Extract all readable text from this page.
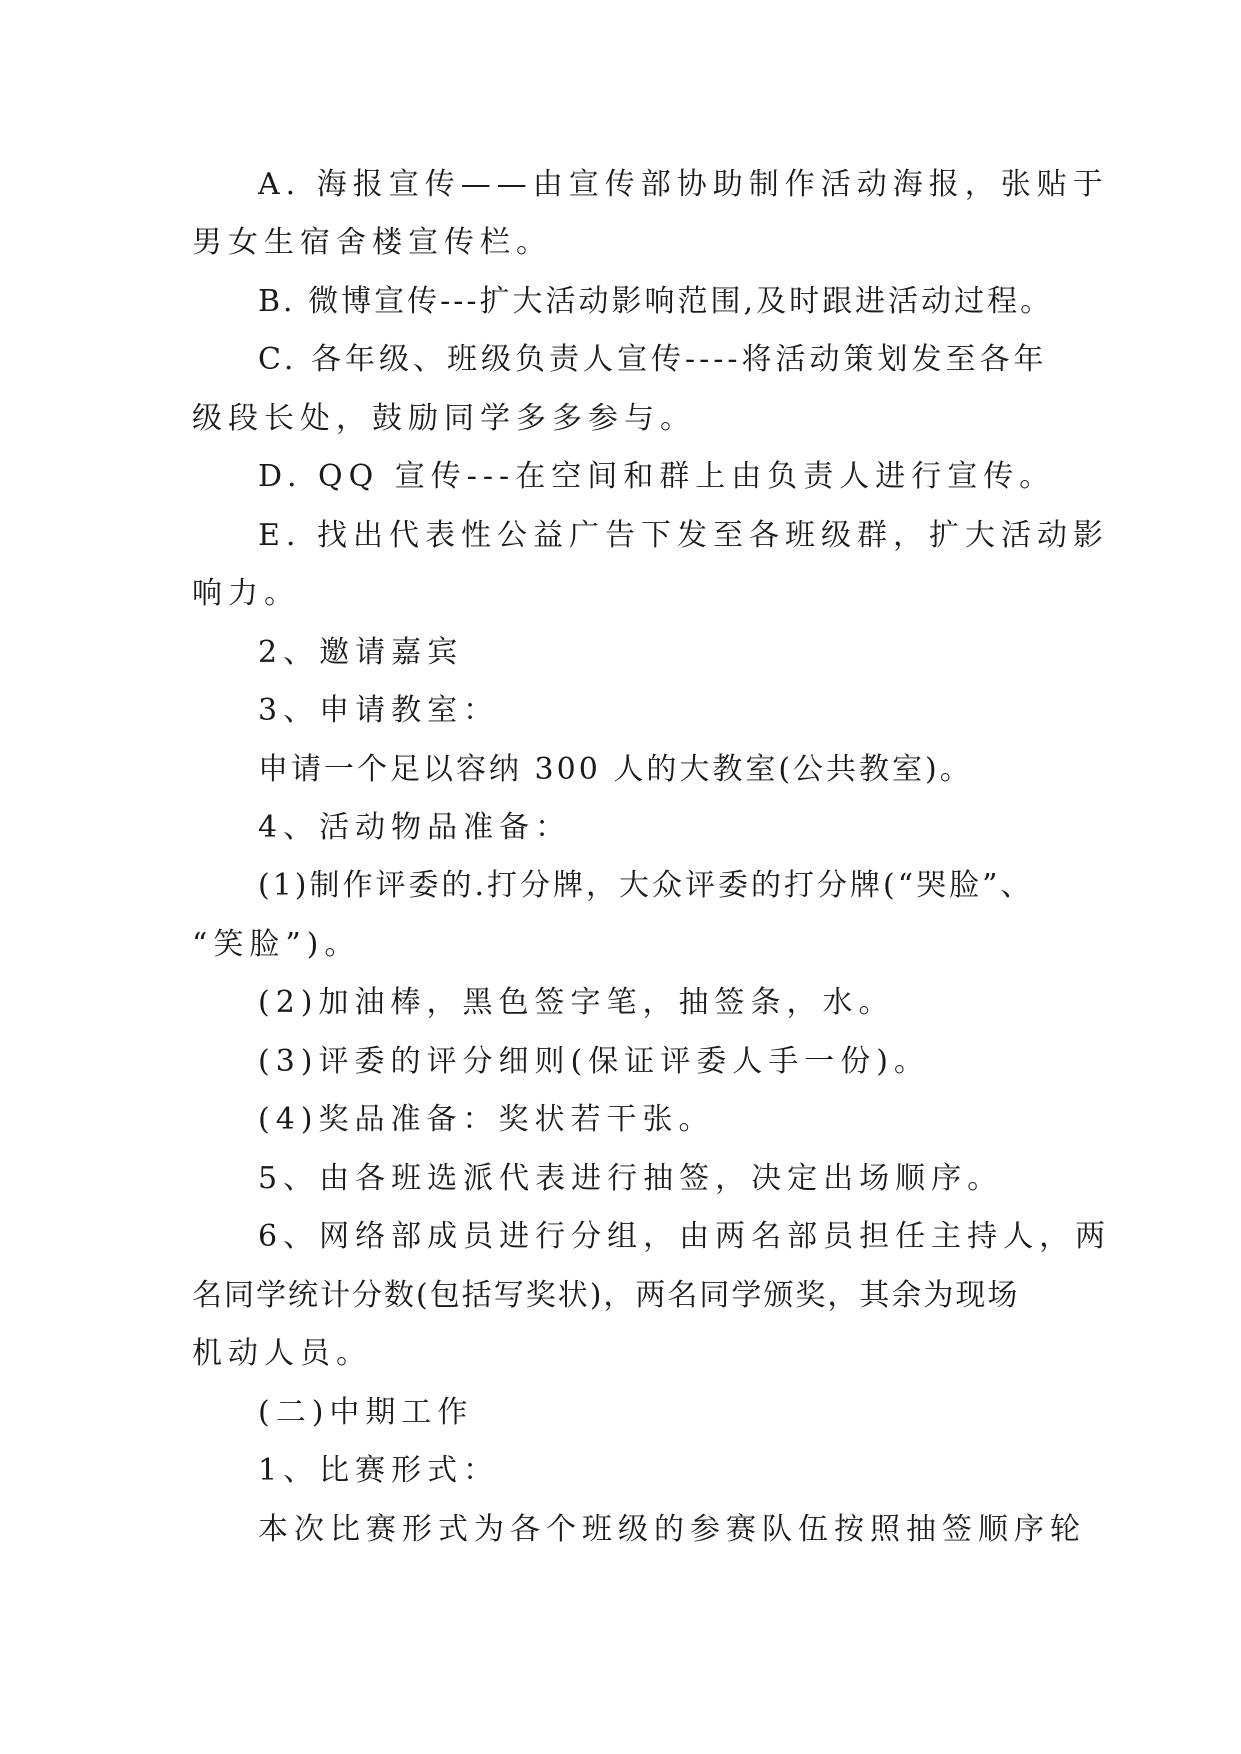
A. 海报宣传——由宣传部协助制作活动海报，张贴于
男女生宿舍楼宣传栏。
B. 微博宣传---扩大活动影响范围,及时跟进活动过程。
C. 各年级、班级负责人宣传----将活动策划发至各年
级段长处，鼓励同学多多参与。
D. QQ 宣传---在空间和群上由负责人进行宣传。
E. 找出代表性公益广告下发至各班级群，扩大活动影
响力。
2、邀请嘉宾
3、申请教室：
申请一个足以容纳 300 人的大教室(公共教室)。
4、活动物品准备：
(1)制作评委的.打分牌，大众评委的打分牌(“哭脸”、
“笑脸”)。
(2)加油棒，黑色签字笔，抽签条，水。
(3)评委的评分细则(保证评委人手一份)。
(4)奖品准备：奖状若干张。
5、由各班选派代表进行抽签，决定出场顺序。
6、网络部成员进行分组，由两名部员担任主持人，两
名同学统计分数(包括写奖状)，两名同学颁奖，其余为现场
机动人员。
(二)中期工作
1、比赛形式：
本次比赛形式为各个班级的参赛队伍按照抽签顺序轮
